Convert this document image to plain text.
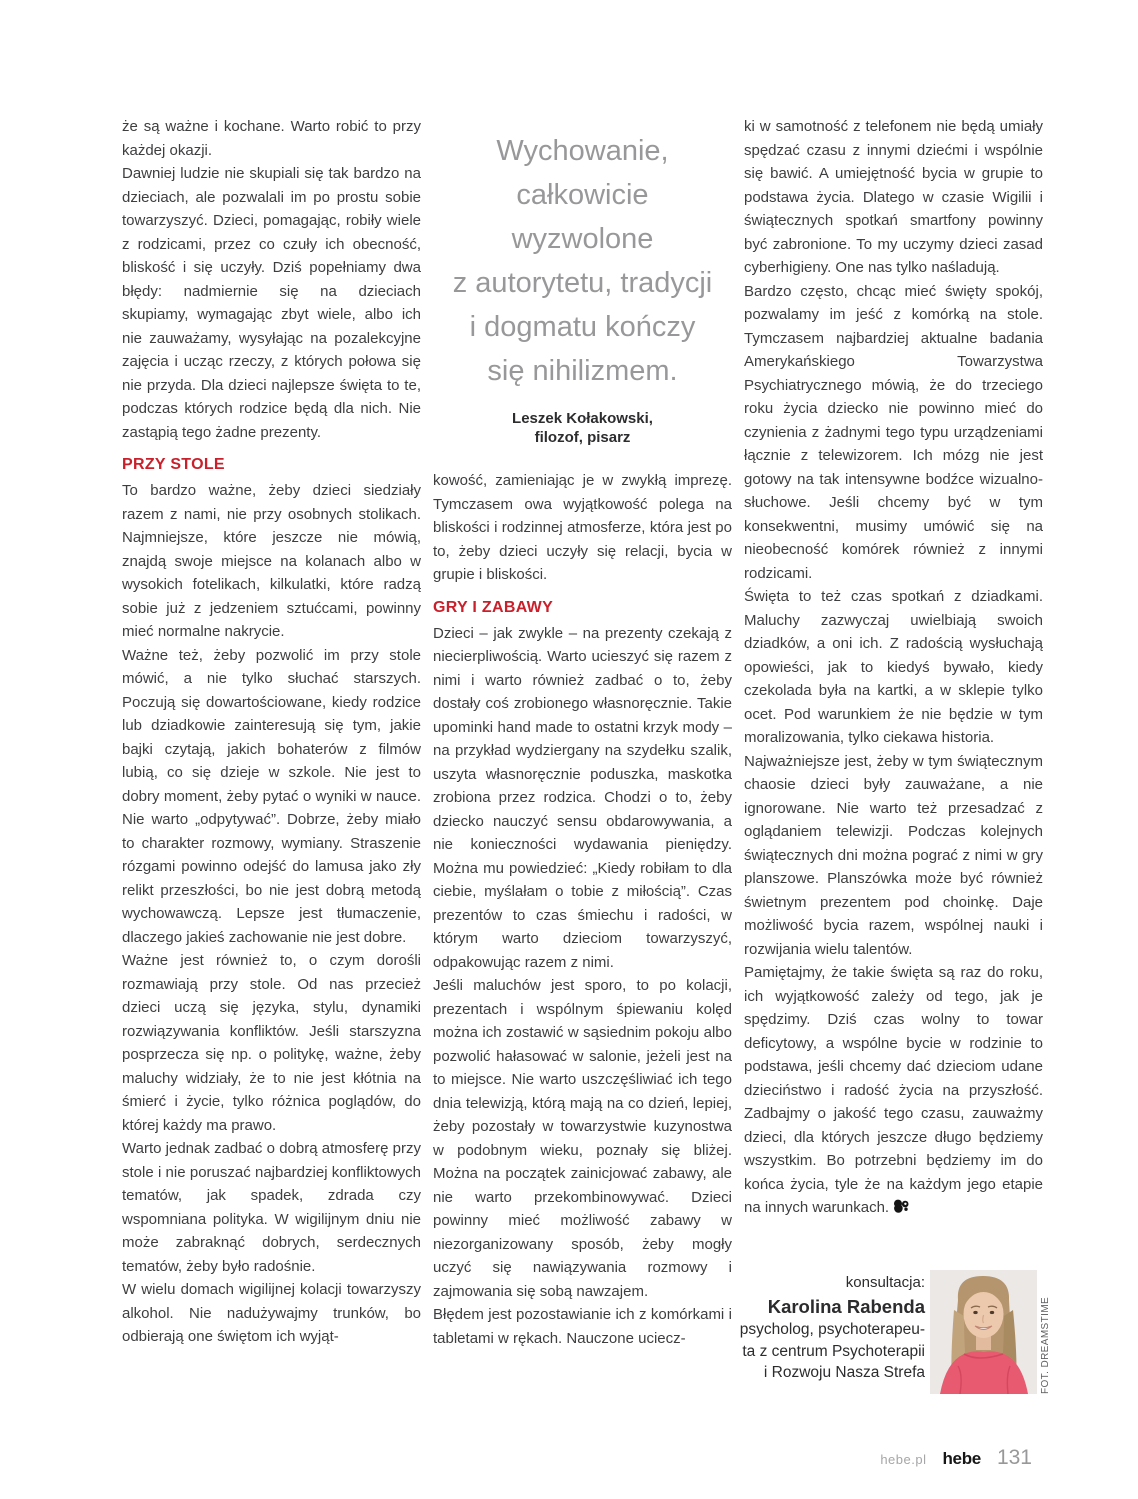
że są ważne i kochane. Warto robić to przy każdej okazji.

Dawniej ludzie nie skupiali się tak bardzo na dzieciach, ale pozwalali im po prostu sobie towarzyszyć. Dzieci, pomagając, robiły wiele z rodzicami, przez co czuły ich obecność, bliskość i się uczyły. Dziś popełniamy dwa błędy: nadmiernie się na dzieciach skupiamy, wymagając zbyt wiele, albo ich nie zauważamy, wysyłając na pozalekcyjne zajęcia i ucząc rzeczy, z których połowa się nie przyda. Dla dzieci najlepsze święta to te, podczas których rodzice będą dla nich. Nie zastąpią tego żadne prezenty.

PRZY STOLE

To bardzo ważne, żeby dzieci siedziały razem z nami, nie przy osobnych stolikach. Najmniejsze, które jeszcze nie mówią, znajdą swoje miejsce na kolanach albo w wysokich fotelikach, kilkulatki, które radzą sobie już z jedzeniem sztućcami, powinny mieć normalne nakrycie.

Ważne też, żeby pozwolić im przy stole mówić, a nie tylko słuchać starszych. Poczują się dowartościowane, kiedy rodzice lub dziadkowie zainteresują się tym, jakie bajki czytają, jakich bohaterów z filmów lubią, co się dzieje w szkole. Nie jest to dobry moment, żeby pytać o wyniki w nauce. Nie warto „odpytywać”. Dobrze, żeby miało to charakter rozmowy, wymiany. Straszenie rózgami powinno odejść do lamusa jako zły relikt przeszłości, bo nie jest dobrą metodą wychowawczą. Lepsze jest tłumaczenie, dlaczego jakieś zachowanie nie jest dobre.

Ważne jest również to, o czym dorośli rozmawiają przy stole. Od nas przecież dzieci uczą się języka, stylu, dynamiki rozwiązywania konfliktów. Jeśli starszyzna posprzecza się np. o politykę, ważne, żeby maluchy widziały, że to nie jest kłótnia na śmierć i życie, tylko różnica poglądów, do której każdy ma prawo.

Warto jednak zadbać o dobrą atmosferę przy stole i nie poruszać najbardziej konfliktowych tematów, jak spadek, zdrada czy wspomniana polityka. W wigilijnym dniu nie może zabraknąć dobrych, serdecznych tematów, żeby było radośnie.

W wielu domach wigilijnej kolacji towarzyszy alkohol. Nie nadużywajmy trunków, bo odbierają one świętom ich wyjąt-

Wychowanie,
całkowicie
wyzwolone
z autorytetu, tradycji
i dogmatu kończy
się nihilizmem.
Leszek Kołakowski,
filozof, pisarz

kowość, zamieniając je w zwykłą imprezę. Tymczasem owa wyjątkowość polega na bliskości i rodzinnej atmosferze, która jest po to, żeby dzieci uczyły się relacji, bycia w grupie i bliskości.

GRY I ZABAWY

Dzieci – jak zwykle – na prezenty czekają z niecierpliwością. Warto ucieszyć się razem z nimi i warto również zadbać o to, żeby dostały coś zrobionego własnoręcznie. Takie upominki hand made to ostatni krzyk mody – na przykład wydziergany na szydełku szalik, uszyta własnoręcznie poduszka, maskotka zrobiona przez rodzica. Chodzi o to, żeby dziecko nauczyć sensu obdarowywania, a nie konieczności wydawania pieniędzy. Można mu powiedzieć: „Kiedy robiłam to dla ciebie, myślałam o tobie z miłością”. Czas prezentów to czas śmiechu i radości, w którym warto dzieciom towarzyszyć, odpakowując razem z nimi.

Jeśli maluchów jest sporo, to po kolacji, prezentach i wspólnym śpiewaniu kolęd można ich zostawić w sąsiednim pokoju albo pozwolić hałasować w salonie, jeżeli jest na to miejsce. Nie warto uszczęśliwiać ich tego dnia telewizją, którą mają na co dzień, lepiej, żeby pozostały w towarzystwie kuzynostwa w podobnym wieku, poznały się bliżej. Można na początek zainicjować zabawy, ale nie warto przekombinowywać. Dzieci powinny mieć możliwość zabawy w niezorganizowany sposób, żeby mogły uczyć się nawiązywania rozmowy i zajmowania się sobą nawzajem.

Błędem jest pozostawianie ich z komórkami i tabletami w rękach. Nauczone uciecz-

ki w samotność z telefonem nie będą umiały spędzać czasu z innymi dziećmi i wspólnie się bawić. A umiejętność bycia w grupie to podstawa życia. Dlatego w czasie Wigilii i świątecznych spotkań smartfony powinny być zabronione. To my uczymy dzieci zasad cyberhigieny. One nas tylko naśladują.

Bardzo często, chcąc mieć święty spokój, pozwalamy im jeść z komórką na stole. Tymczasem najbardziej aktualne badania Amerykańskiego Towarzystwa Psychiatrycznego mówią, że do trzeciego roku życia dziecko nie powinno mieć do czynienia z żadnymi tego typu urządzeniami łącznie z telewizorem. Ich mózg nie jest gotowy na tak intensywne bodźce wizualno-słuchowe. Jeśli chcemy być w tym konsekwentni, musimy umówić się na nieobecność komórek również z innymi rodzicami.

Święta to też czas spotkań z dziadkami. Maluchy zazwyczaj uwielbiają swoich dziadków, a oni ich. Z radością wysłuchają opowieści, jak to kiedyś bywało, kiedy czekolada była na kartki, a w sklepie tylko ocet. Pod warunkiem że nie będzie w tym moralizowania, tylko ciekawa historia.

Najważniejsze jest, żeby w tym świątecznym chaosie dzieci były zauważane, a nie ignorowane. Nie warto też przesadzać z oglądaniem telewizji. Podczas kolejnych świątecznych dni można pograć z nimi w gry planszowe. Planszówka może być również świetnym prezentem pod choinkę. Daje możliwość bycia razem, wspólnej nauki i rozwijania wielu talentów.

Pamiętajmy, że takie święta są raz do roku, ich wyjątkowość zależy od tego, jak je spędzimy. Dziś czas wolny to towar deficytowy, a wspólne bycie w rodzinie to podstawa, jeśli chcemy dać dzieciom udane dzieciństwo i radość życia na przyszłość. Zadbajmy o jakość tego czasu, zauważmy dzieci, dla których jeszcze długo będziemy wszystkim. Bo potrzebni będziemy im do końca życia, tyle że na każdym jego etapie na innych warunkach.

konsultacja:
Karolina Rabenda
psycholog, psychoterapeu-
ta z centrum Psychoterapii
i Rozwoju Nasza Strefa	FOT. DREAMSTIME
hebe.pl hebe 131
